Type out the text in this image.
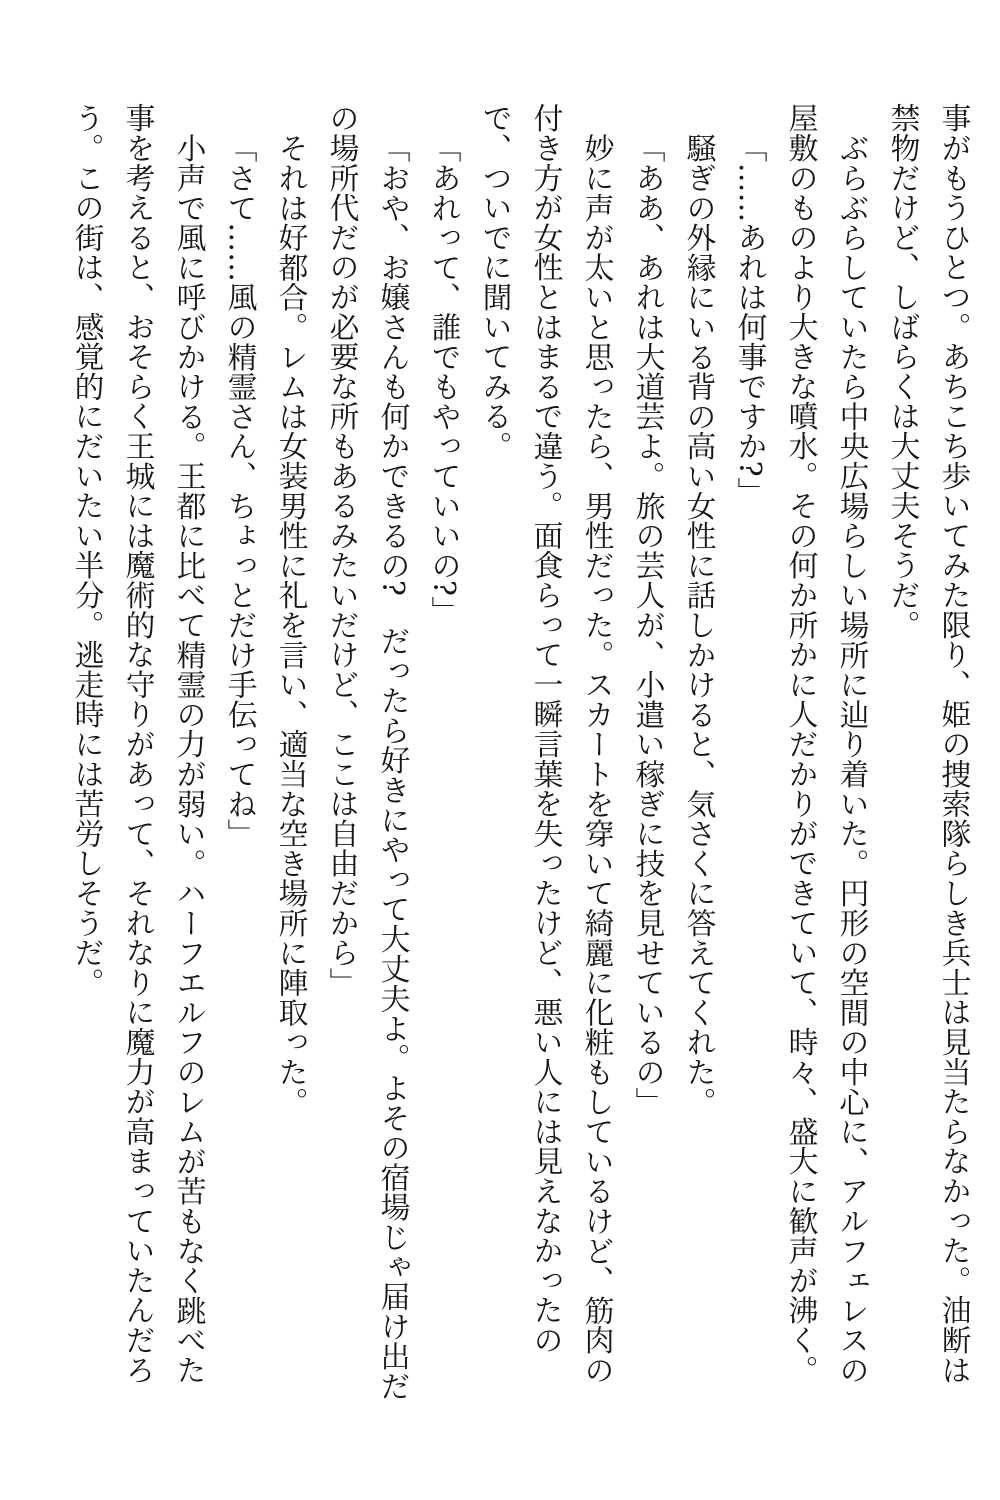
事がもうひとつ。あちこち歩いてみた限り、姫の捜索隊らしき兵士は見当たらなかった。油断は
禁物だけど、しばらくは大丈夫そうだ。
ぶらぶらしていたら中央広場らしい場所に辿り着いた。円形の空間の中心に、アルフェレスの
屋敷のものより大きな噴水。その何か所かに人だかりができていて、時々、盛大に歓声が沸く。
「……あれは何事ですか?」
騒ぎの外縁にいる背の高い女性に話しかけると、気さくに答えてくれた。
「ああ、あれは大道芸よ。旅の芸人が、小遣い稼ぎに技を見せているの」
妙に声が太いと思ったら、男性だった。スカートを穿いて綺麗に化粧もしているけど、筋肉の
付き方が女性とはまるで違う。面食らって一瞬言葉を失ったけど、悪い人には見えなかったの
で、ついでに聞いてみる。
「あれって、誰でもやっていいの?」
「おや、お嬢さんも何かできるの?　だったら好きにやって大丈夫よ。よその宿場じゃ届け出だ
の場所代だのが必要な所もあるみたいだけど、ここは自由だから」
それは好都合。レムは女装男性に礼を言い、適当な空き場所に陣取った。
「さて……風の精霊さん、ちょっとだけ手伝ってね」
小声で風に呼びかける。王都に比べて精霊の力が弱い。ハーフエルフのレムが苦もなく跳べた
事を考えると、おそらく王城には魔術的な守りがあって、それなりに魔力が高まっていたんだろ
う。この街は、感覚的にだいたい半分。逃走時には苦労しそうだ。
